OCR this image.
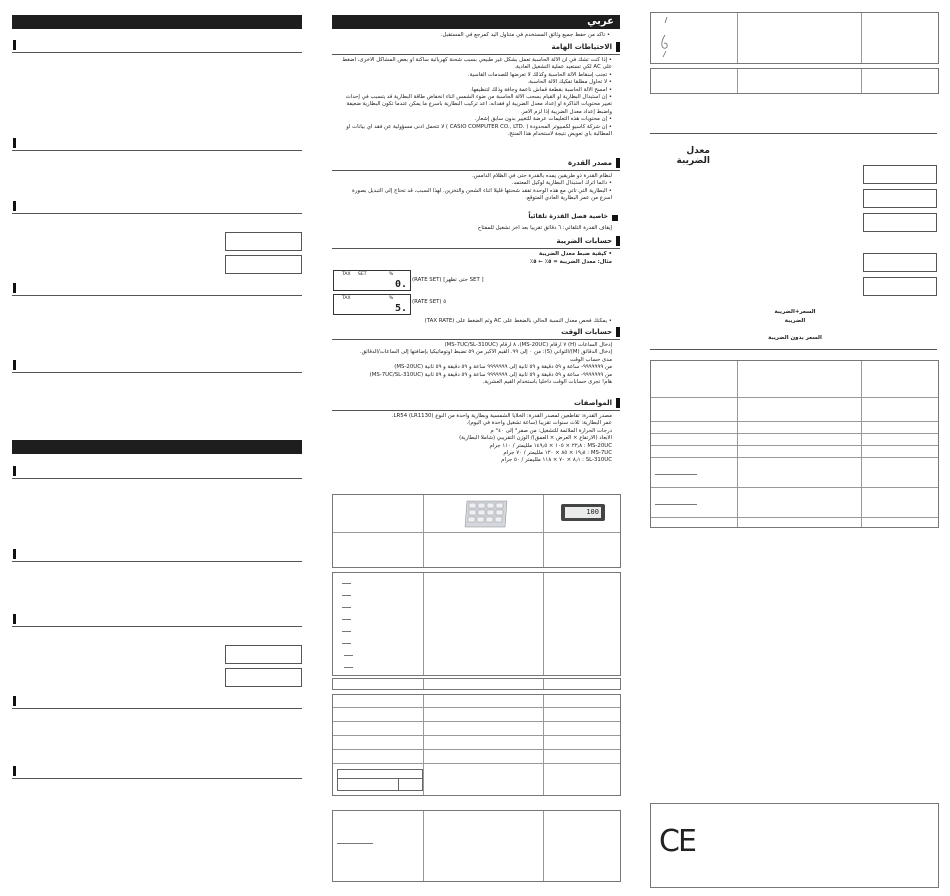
عربي
• تأكد من حفظ جميع وثائق المستخدم في متناول اليد كمرجع في المستقبل.
الاحتياطات الهامة
• إذا كنت تشك في أن الآلة الحاسبة تعمل بشكل غير طبيعي بسبب شحنة كهربائية ساكنة أو بعض المشاكل الأخرى، اضغط
على AC لكي تستعيد عملية التشغيل العادية.
• تجنب إسقاط الآلة الحاسبة وكذلك لا تعرضها للصدمات القاسية.
• لا تحاول مطلقاً تفكيك الآلة الحاسبة.
• امسح الآلة الحاسبة بقطعة قماش ناعمة وجافة وذلك لتنظيفها.
• إن استبدال البطارية أو القيام بسحب الآلة الحاسبة من ضوء الشمس أثناء انخفاض طاقة البطارية قد يتسبب في إحداث
تغيير محتويات الذاكرة أو إعداد معدل الضريبة أو فقدانه. أعد تركيب البطارية باسرع ما يمكن عندما تكون البطارية ضعيفة
واضبط إعداد معدل الضريبة إذا لزم الأمر.
• إن محتويات هذه التعليمات عرضة للتغيير بدون سابق إشعار.
• إن شركة كاسيو لكمبيوتر المحدودة ( .CASIO COMPUTER CO., LTD ) لا تتحمل أدنى مسؤولية عن فقد أي بيانات أو
المطالبة بأي تعويض نتيجة لاستخدام هذا المنتج.
مصدر القدرة
لنظام القدرة ذو طريقين يمده بالقدرة حتى في الظلام الدامس.
• دائماً اترك استبدال البطارية لوكيل المعتمد.
• البطارية التي تأتي مع هذه الوحدة تفقد شحنتها قليلاً أثناء الشحن والتخزين. لهذا السبب، قد تحتاج إلى التبديل بصورة
اسرع من عمر البطارية العادي المتوقع.
خاصية فصل القدرة تلقائياً
إيقاف القدرة التلقائي: ٦ دقائق تقريباً بعد آخر تشغيل للمفتاح
حسابات الضريبة
• كيفية ضبط معدل الضريبة
مثال: معدل الضريبة = ٥٪ ← ٥٪
TAX SET	%
0. (RATE SET) [حتى تظهر SET ]
TAX	%
5.
(RATE SET) ٥
• يمكنك فحص معدل النسبة الحالي بالضغط على AC وثم الضغط على (TAX RATE)
حسابات الوقت
إدخال الساعات (H) ٧ أرقام (MS-20UC)، ٨ أرقام (MS-7UC/SL-310UC)
إدخال الدقائق (M)/الثواني (S): من ٠ إلى ٩٩. القيم الأكبر من ٥٩ تضبط أوتوماتيكياً بإضافتها إلى الساعات/الدقائق.
مدى حساب الوقت
من ٩٩٩٩٩٩٩- ساعة و ٥٩ دقيقة و ٥٩ ثانية إلى ٩٩٩٩٩٩٩ ساعة و ٥٩ دقيقة و ٥٩ ثانية (MS-20UC)
من ٩٩٩٩٩٩٩- ساعة و ٥٩ دقيقة و ٥٩ ثانية إلى ٩٩٩٩٩٩٩ ساعة و ٥٩ دقيقة و ٥٩ ثانية (MS-7UC/SL-310UC)
هام! تجرى حسابات الوقت داخلياً باستخدام القيم العشرية.
المواصفات
مصدر القدرة: تقاطعين لمصدر القدرة: الخلايا الشمسية وبطارية واحدة من النوع LR54 (LR1130).
عمر البطارية: ثلاث سنوات تقريباً (ساعة تشغيل واحدة في اليوم).
درجات الحرارة الملائمة للتشغيل: من صفر° إلى ٤٠° م
الأبعاد (الارتفاع × العرض × العمق)/ الوزن التقريبي (شاملاً البطارية)
MS-20UC : ٢٢٫٨ × ١٠٥ × ١٤٩٫٥ ملليمتر / ١١٠ جرام
MS-7UC : ١٩٫٨ × ٨٥ × ١٢٠ ملليمتر / ٧٠ جرام
SL-310UC : ٨٫١ × ٧٠ × ١١٨ ملليمتر / ٥٠ جرام
100
معدل الضريبة
السعر+الضريبة
الضريبة
السعر بدون الضريبة
CE
